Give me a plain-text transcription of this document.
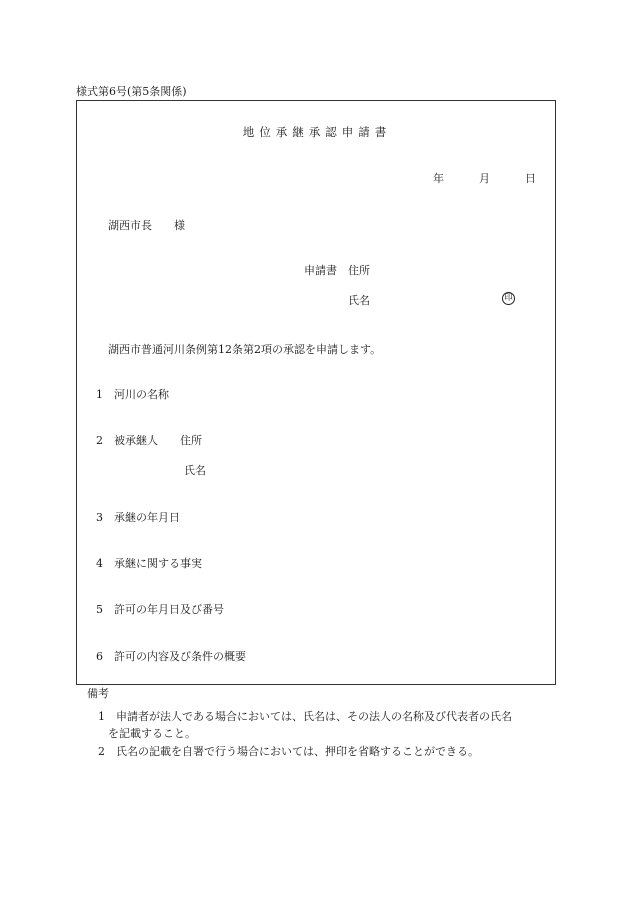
様式第6号(第5条関係)
地位承継承認申請書
年	月	日
湖西市長　　様
申請書　住所
氏名	印
湖西市普通河川条例第12条第2項の承認を申請します。
1 河川の名称
2 被承継人　　住所
氏名
3 承継の年月日
4 承継に関する事実
5 許可の年月日及び番号
6 許可の内容及び条件の概要
備考
1　申請者が法人である場合においては、氏名は、その法人の名称及び代表者の氏名
を記載すること。
2　氏名の記載を自署で行う場合においては、押印を省略することができる。
